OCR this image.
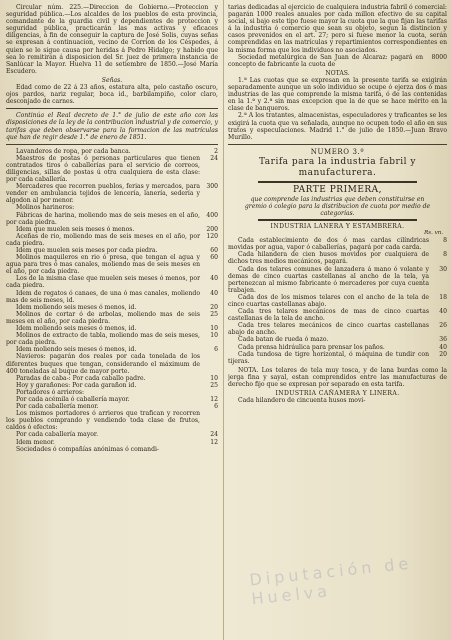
Circular núm. 225.—Direccion de Gobierno.—Proteccion y seguridad pública.—Los alcaldes de los pueblos de esta provincia, comandante de la guardia civil y dependientes de proteccion y seguridad pública, practicarán las mas activas y eficaces diligencias, á fin de conseguir la captura de José Solis, cuyas señas se expresan á continuacion, vecino de Corrion de los Céspedes, á quien se le sigue causa por heridas á Pedro Hidalgo; y habido que sea lo remitirán á disposicion del Sr. juez de primera instancia de Sanlúcar la Mayor. Huelva 11 de setiembre de 1850.—José María Escudero.

Señas.

Edad como de 22 á 23 años, estatura alta, pelo castaño oscuro, ojos pardos, nariz regular, boca id., barbilampiño, color claro, desconjado de carnes.

Continúa el Real decreto de 1.° de julio de este año con las disposiciones de la ley de la contribucion industrial y de comercio, y tarifas que deben observarse para la formacion de las matrículas que han de regir desde 1.° de enero de 1851.

Lavanderos de ropa, por cada banca.	2
Maestros de postas ó personas particulares que tienen contratados tiros ó caballerías para el servicio de correos, diligencias, sillas de postas ú otra cualquiera de esta clase: por cada caballería.
24
Mercaderes que recorren pueblos, ferias y mercados, para vender en ambulancia tejidos de lencería, lanería, sedería y algodon al por menor.
300
Molinos harineros:
Fábricas de harina, moliendo mas de seis meses en el año, por cada piedra.
400
Idem que muelen seis meses ó menos.	200
Aceñas de rio, moliendo mas de seis meses en el año, por cada piedra.
120
Idem que muelen seis meses por cada piedra.	60
Molinos maquileros en rio ó presa, que tengan el agua y agua para tres ó mas canales, moliendo mas de seis meses en el año, por cada piedra.
60
Los de la misma clase que muelen seis meses ó menos, por cada piedra.
40
Idem de regatos ó canaes, de una ó mas canales, moliendo mas de seis meses, id.
40
Idem moliendo seis meses ó menos, id.	20
Molinos de cortar ó de arbolas, moliendo mas de seis meses en el año, por cada piedra.
25
Idem moliendo seis meses ó menos, id.	10
Molinos de extracto de tabla, moliendo mas de seis meses, por cada piedra.
10
Idem moliendo seis meses ó menos, id.	6
Navieros: pagarán dos reales por cada tonelada de los diferentes buques que tengan, considerando el máximum de 400 toneladas al buque de mayor porte.
Paradas de caba-: Por cada caballo padre.	10
Hoy y garañones: Por cada garañon id.	25
Portadores ó arrieros:
Por cada acémila ó caballería mayor.	12
Por cada caballería menor.	6
Los mismos portadores ó arrieros que trafican y recorren los pueblos comprando y vendiendo toda clase de frutos, caldos ó efectos:
Por cada caballería mayor.	24
Idem menor.	12
Sociedades ó compañías anónimas ó comandi-

tarias dedicadas al ejercicio de cualquiera industria fabril ó comercial: pagarán 1000 reales anuales por cada millon efectivo de su capital social, si bajo este tipo fuese mayor la cuota que la que fijan las tarifas á la industria ó comercio que sean su objeto, segun la distincion y casos prevenidos en el art. 27; pero si fuese menor la cuota, serán comprendidas en las matrículas y repartimientos correspondientes en la misma forma que los individuos no asociados.

Sociedad metalúrgica de San Juan de Alcaraz: pagará en concepto de fabricante la cuota de
8000

NOTAS.

1.ª Las cuotas que se expresan en la presente tarifa se exigirán separadamente aunque un solo individuo se ocupe ó ejerza dos ó mas industrias de las que comprende la misma tarifa, ó de las contenidas en la 1.ª y 2.ª sin mas excepcion que la de que se hace mérito en la clase de banqueros.

2.ª A los tratantes, almacenistas, especuladores y traficantes se les exigirá la cuota que va señalada, aunque no ocupen todo el año en sus tratos y especulaciones. Madrid 1.° de julio de 1850.—Juan Bravo Murillo.

NUMERO 3.º

Tarifa para la industria fabril y manufacturera.

PARTE PRIMERA,

que comprende las industrias que deben constituirse en gremio ó colegio para la distribucion de cuota por medio de categorías.

INDUSTRIA LANERA Y ESTAMBRERA.

Rs. vn.

Cada establecimiento de dos ó mas cardas cilíndricas movidas por agua, vapor ó caballerías, pagará por cada carda.
8
Cada hilandera de cien husos movidos por cualquiera de dichos tres medios mecánicos, pagará.
8
Cada dos telares comunes de lanzadera á mano ó volante y demas de cinco cuartas castellanas al ancho de la tela, ya pertenezcan al mismo fabricante ó mercaderes por cuya cuenta trabajen.
30
Cada dos de los mismos telares con el ancho de la tela de cinco cuartas castellanas abajo.
18
Cada tres telares mecánicos de mas de cinco cuartas castellanas de la tela de ancho.
40
Cada tres telares mecánicos de cinco cuartas castellanas abajo de ancho.
26
Cada batan de rueda ó mazo.	36
Cada prensa hidráulica para prensar los paños.	40
Cada tundosa de tigre horizontal, ó máquina de tundir con tijeras.
20

NOTA. Los telares de tela muy tosca, y de lana burdas como la jerga fina y sayal, estan comprendidos entre las manufacturas de derecho fijo que se expresan por separado en esta tarifa.

INDUSTRIA CAÑAMERA Y LINERA.

Cada hilandero de cincuenta husos movi-

Diputación de Huelva
